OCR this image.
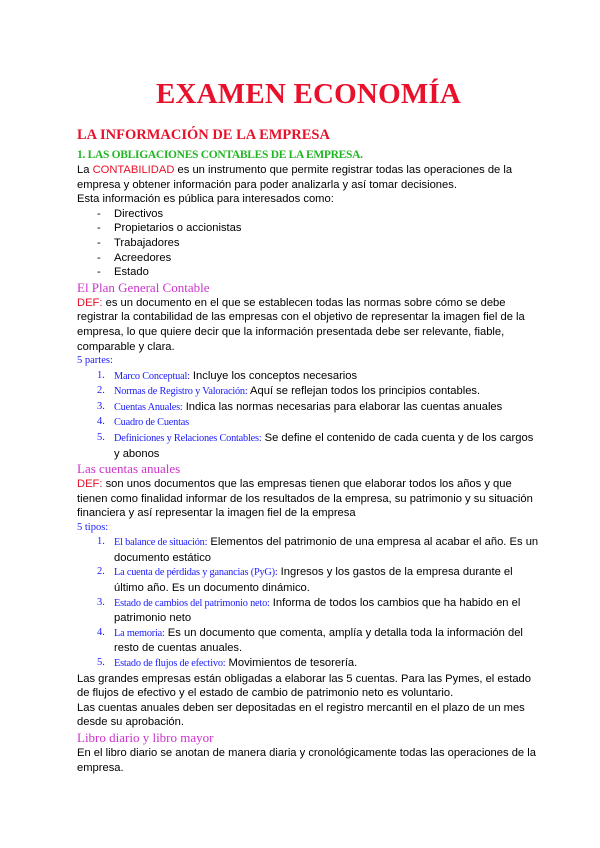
EXAMEN ECONOMÍA
LA INFORMACIÓN DE LA EMPRESA
1. LAS OBLIGACIONES CONTABLES DE LA EMPRESA.

La CONTABILIDAD es un instrumento que permite registrar todas las operaciones de la empresa y obtener información para poder analizarla y así tomar decisiones.

Esta información es pública para interesados como:

- Directivos
- Propietarios o accionistas
- Trabajadores
- Acreedores
- Estado
El Plan General Contable

DEF: es un documento en el que se establecen todas las normas sobre cómo se debe registrar la contabilidad de las empresas con el objetivo de representar la imagen fiel de la empresa, lo que quiere decir que la información presentada debe ser relevante, fiable, comparable y clara.

5 partes:
1. Marco Conceptual: Incluye los conceptos necesarios
2. Normas de Registro y Valoración: Aquí se reflejan todos los principios contables.
3. Cuentas Anuales: Indica las normas necesarias para elaborar las cuentas anuales
4. Cuadro de Cuentas
5. Definiciones y Relaciones Contables: Se define el contenido de cada cuenta y de los cargos y abonos
Las cuentas anuales

DEF: son unos documentos que las empresas tienen que elaborar todos los años y que tienen como finalidad informar de los resultados de la empresa, su patrimonio y su situación financiera y así representar la imagen fiel de la empresa

5 tipos:
1. El balance de situación: Elementos del patrimonio de una empresa al acabar el año. Es un documento estático
2. La cuenta de pérdidas y ganancias (PyG): Ingresos y los gastos de la empresa durante el último año. Es un documento dinámico.
3. Estado de cambios del patrimonio neto: Informa de todos los cambios que ha habido en el patrimonio neto
4. La memoria: Es un documento que comenta, amplía y detalla toda la información del resto de cuentas anuales.
5. Estado de flujos de efectivo: Movimientos de tesorería.

Las grandes empresas están obligadas a elaborar las 5 cuentas. Para las Pymes, el estado de flujos de efectivo y el estado de cambio de patrimonio neto es voluntario.

Las cuentas anuales deben ser depositadas en el registro mercantil en el plazo de un mes desde su aprobación.

Libro diario y libro mayor

En el libro diario se anotan de manera diaria y cronológicamente todas las operaciones de la empresa.
